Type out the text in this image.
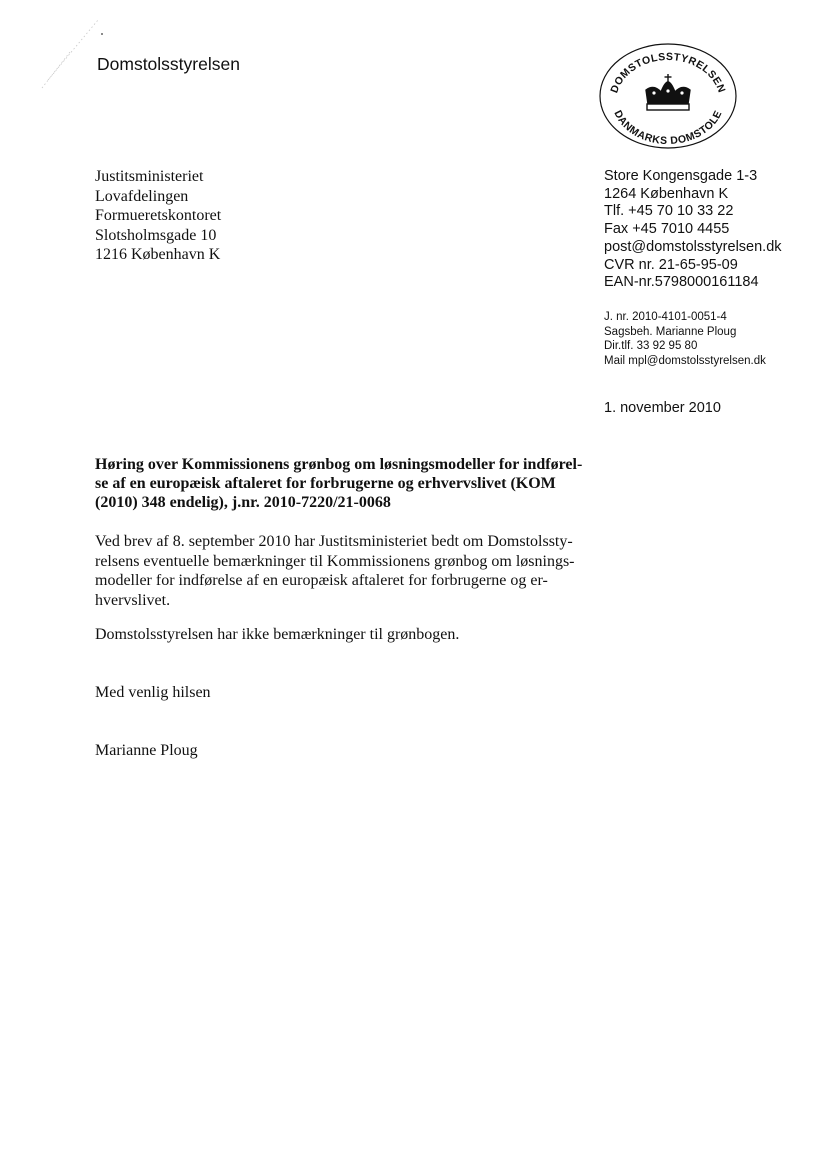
Domstolsstyrelsen
DOMSTOLSSTYRELSEN
DANMARKS DOMSTOLE
Justitsministeriet
Lovafdelingen
Formueretskontoret
Slotsholmsgade 10
1216 København K
Store Kongensgade 1-3
1264 København K
Tlf. +45 70 10 33 22
Fax +45 7010 4455
post@domstolsstyrelsen.dk
CVR nr. 21-65-95-09
EAN-nr.5798000161184
J. nr. 2010-4101-0051-4
Sagsbeh. Marianne Ploug
Dir.tlf. 33 92 95 80
Mail mpl@domstolsstyrelsen.dk
1. november 2010
Høring over Kommissionens grønbog om løsningsmodeller for indførel-
se af en europæisk aftaleret for forbrugerne og erhvervslivet (KOM
(2010) 348 endelig), j.nr. 2010-7220/21-0068
Ved brev af 8. september 2010 har Justitsministeriet bedt om Domstolssty-
relsens eventuelle bemærkninger til Kommissionens grønbog om løsnings-
modeller for indførelse af en europæisk aftaleret for forbrugerne og er-
hvervslivet.
Domstolsstyrelsen har ikke bemærkninger til grønbogen.
Med venlig hilsen
Marianne Ploug
